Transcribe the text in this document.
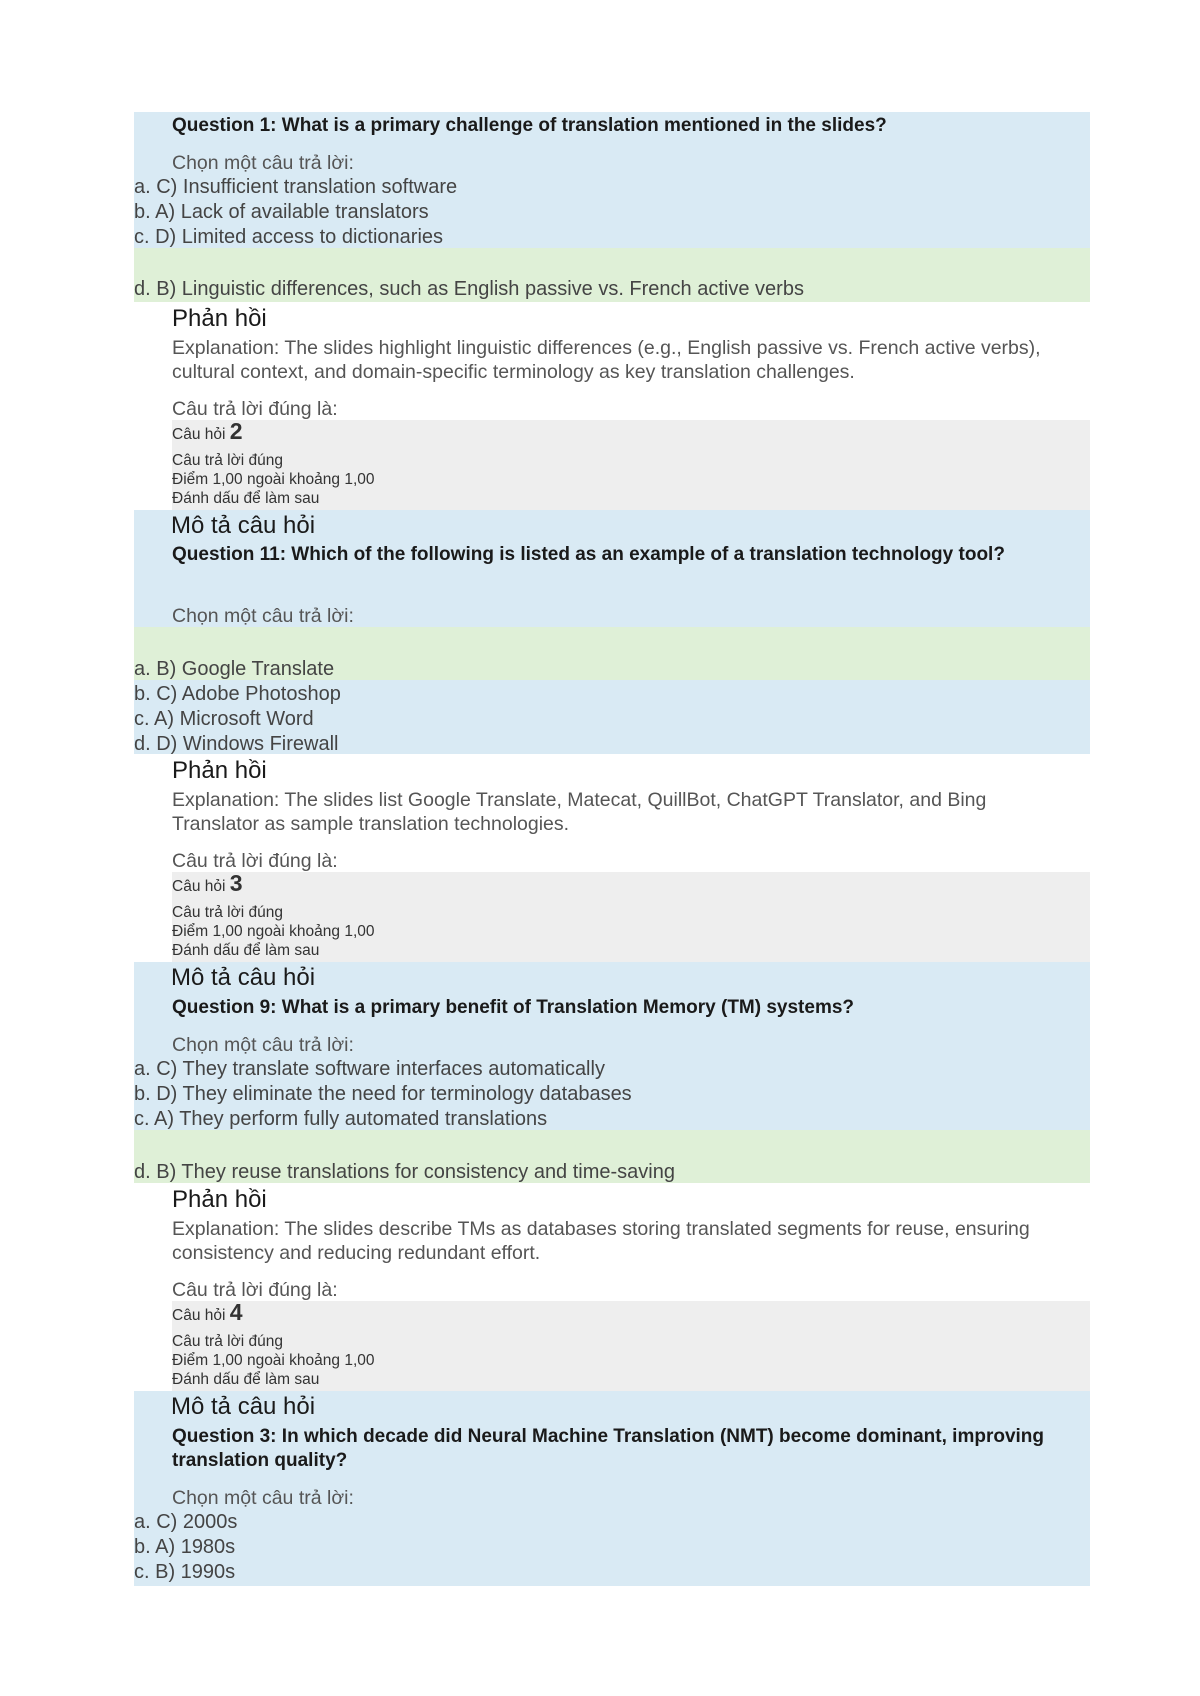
Question 1: What is a primary challenge of translation mentioned in the slides?
Chọn một câu trả lời:
a. C) Insufficient translation software
b. A) Lack of available translators
c. D) Limited access to dictionaries
d. B) Linguistic differences, such as English passive vs. French active verbs
Phản hồi
Explanation: The slides highlight linguistic differences (e.g., English passive vs. French active verbs), cultural context, and domain-specific terminology as key translation challenges.
Câu trả lời đúng là:
Câu hỏi 2
Câu trả lời đúng
Điểm 1,00 ngoài khoảng 1,00
Đánh dấu để làm sau
Mô tả câu hỏi
Question 11: Which of the following is listed as an example of a translation technology tool?
Chọn một câu trả lời:
a. B) Google Translate
b. C) Adobe Photoshop
c. A) Microsoft Word
d. D) Windows Firewall
Phản hồi
Explanation: The slides list Google Translate, Matecat, QuillBot, ChatGPT Translator, and Bing Translator as sample translation technologies.
Câu trả lời đúng là:
Câu hỏi 3
Câu trả lời đúng
Điểm 1,00 ngoài khoảng 1,00
Đánh dấu để làm sau
Mô tả câu hỏi
Question 9: What is a primary benefit of Translation Memory (TM) systems?
Chọn một câu trả lời:
a. C) They translate software interfaces automatically
b. D) They eliminate the need for terminology databases
c. A) They perform fully automated translations
d. B) They reuse translations for consistency and time-saving
Phản hồi
Explanation: The slides describe TMs as databases storing translated segments for reuse, ensuring consistency and reducing redundant effort.
Câu trả lời đúng là:
Câu hỏi 4
Câu trả lời đúng
Điểm 1,00 ngoài khoảng 1,00
Đánh dấu để làm sau
Mô tả câu hỏi
Question 3: In which decade did Neural Machine Translation (NMT) become dominant, improving translation quality?
Chọn một câu trả lời:
a. C) 2000s
b. A) 1980s
c. B) 1990s
